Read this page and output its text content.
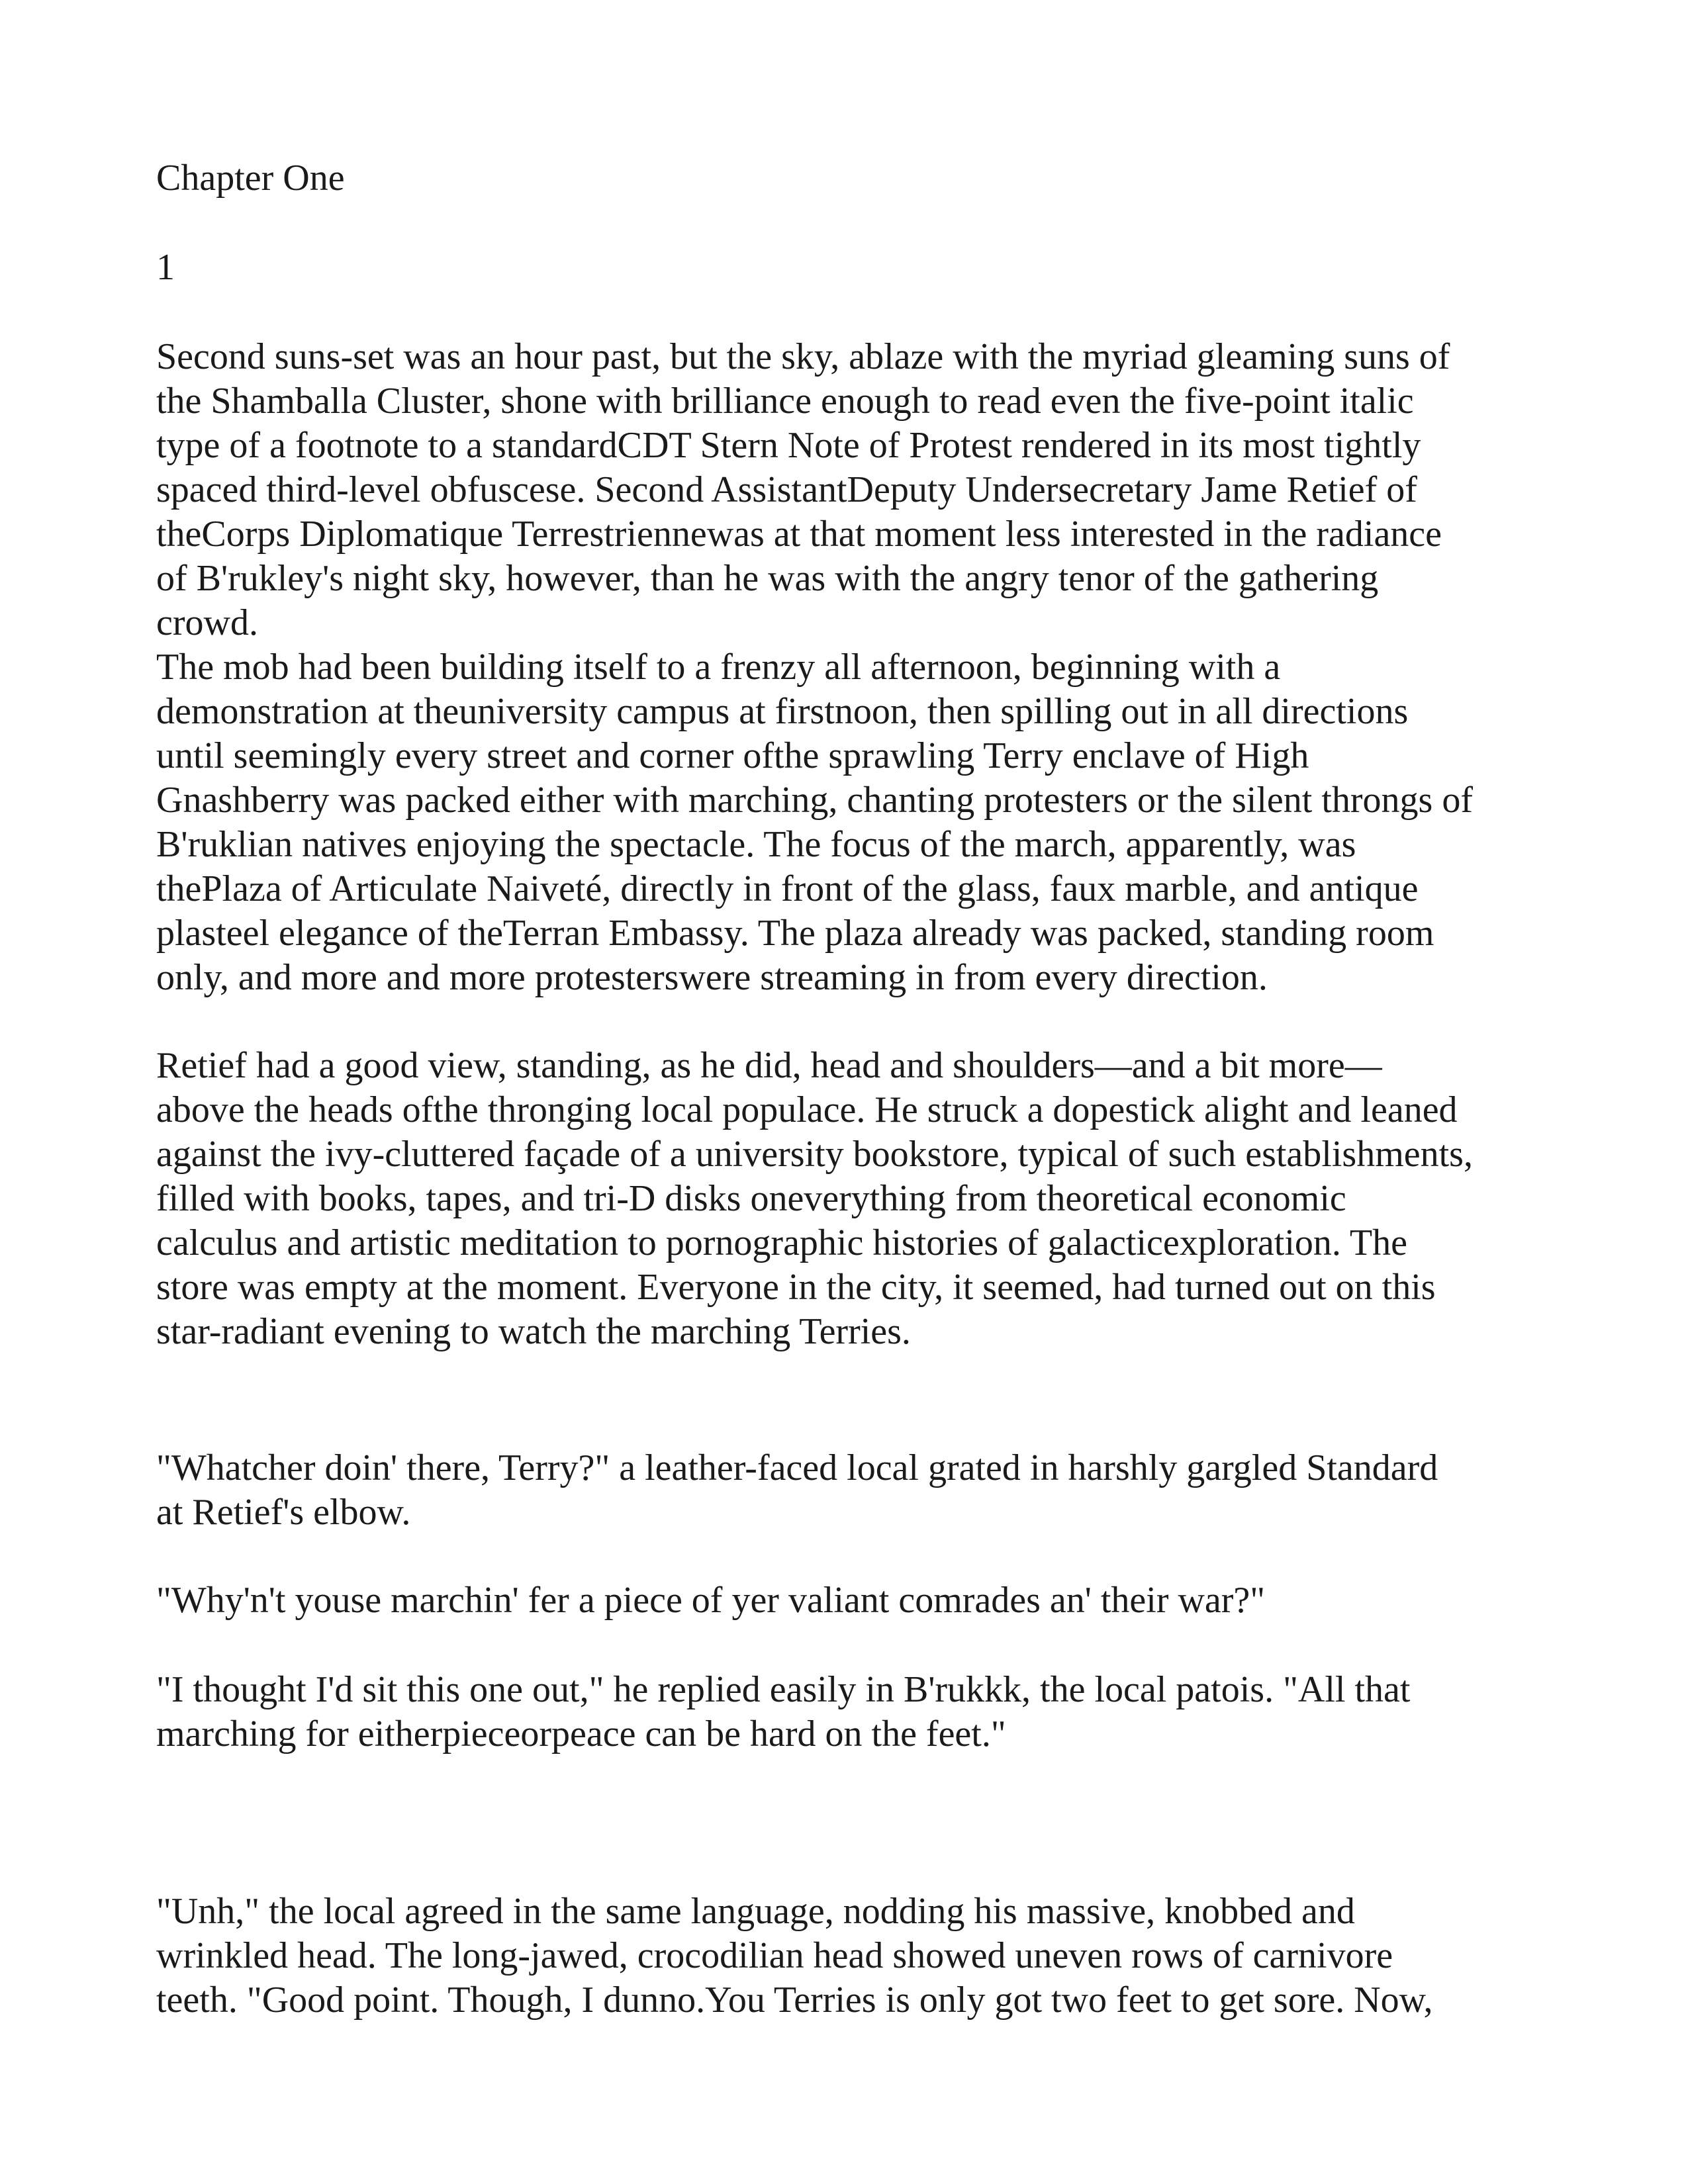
Chapter One
1
Second suns-set was an hour past, but the sky, ablaze with the myriad gleaming suns of
the Shamballa Cluster, shone with brilliance enough to read even the five-point italic
type of a footnote to a standardCDT Stern Note of Protest rendered in its most tightly
spaced third-level obfuscese. Second AssistantDeputy Undersecretary Jame Retief of
theCorps Diplomatique Terrestriennewas at that moment less interested in the radiance
of B'rukley's night sky, however, than he was with the angry tenor of the gathering
crowd.
The mob had been building itself to a frenzy all afternoon, beginning with a
demonstration at theuniversity campus at firstnoon, then spilling out in all directions
until seemingly every street and corner ofthe sprawling Terry enclave of High
Gnashberry was packed either with marching, chanting protesters or the silent throngs of
B'ruklian natives enjoying the spectacle. The focus of the march, apparently, was
thePlaza of Articulate Naiveté, directly in front of the glass, faux marble, and antique
plasteel elegance of theTerran Embassy. The plaza already was packed, standing room
only, and more and more protesterswere streaming in from every direction.
Retief had a good view, standing, as he did, head and shoulders—and a bit more—
above the heads ofthe thronging local populace. He struck a dopestick alight and leaned
against the ivy-cluttered façade of a university bookstore, typical of such establishments,
filled with books, tapes, and tri-D disks oneverything from theoretical economic
calculus and artistic meditation to pornographic histories of galacticexploration. The
store was empty at the moment. Everyone in the city, it seemed, had turned out on this
star-radiant evening to watch the marching Terries.
"Whatcher doin' there, Terry?" a leather-faced local grated in harshly gargled Standard
at Retief's elbow.
"Why'n't youse marchin' fer a piece of yer valiant comrades an' their war?"
"I thought I'd sit this one out," he replied easily in B'rukkk, the local patois. "All that
marching for eitherpieceorpeace can be hard on the feet."
"Unh," the local agreed in the same language, nodding his massive, knobbed and
wrinkled head. The long-jawed, crocodilian head showed uneven rows of carnivore
teeth. "Good point. Though, I dunno.You Terries is only got two feet to get sore. Now,
